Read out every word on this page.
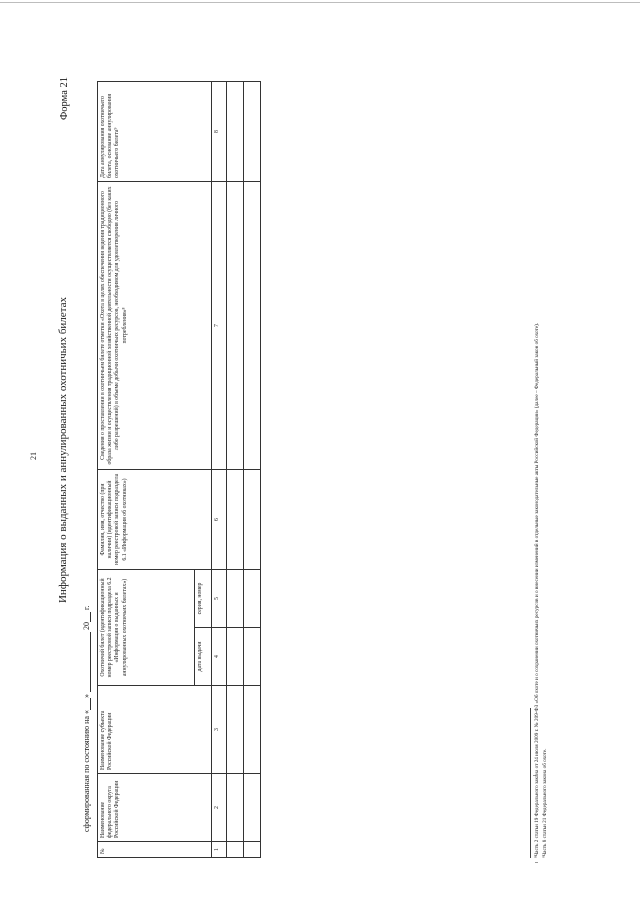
21 Информация о выданных и аннулированных охотничьих билетах
Форма 21
сформированная по состоянию на «»  20 г.
№	Наименование федерального округа Российской Федерации	Наименование субъекта Российской Федерации	Охотничий билет (идентификационный номер реестровой записи подраздела 6.2 «Информация о выданных и аннулированных охотничьих билетах»)		Фамилия, имя, отчество (при наличии) (идентификационный номер реестровой записи подраздела 6.1 «Информация об охотниках»)	Сведения о проставлении в охотничьем билете отметки «Охота в целях обеспечения ведения традиционного образа жизни и осуществления традиционной хозяйственной деятельности осуществляется свободно (без каких либо разрешений) в объеме добычи охотничьих ресурсов, необходимом для удовлетворения личного потребления»⁸	Дата аннулирования охотничьего билета, основание аннулирования охотничьего билета⁹
			дата выдачи	серия, номер			
1	2	3	4	5	6	7	8

⁸Часть 2 статьи 19 Федерального закона от 24 июля 2009 г. № 209-ФЗ «Об охоте и о сохранении охотничьих ресурсов и о внесении изменений в отдельные законодательные акты Российской Федерации» (далее – Федеральный закон об охоте). ⁹Часть 8 статьи 21 Федерального закона об охоте.
